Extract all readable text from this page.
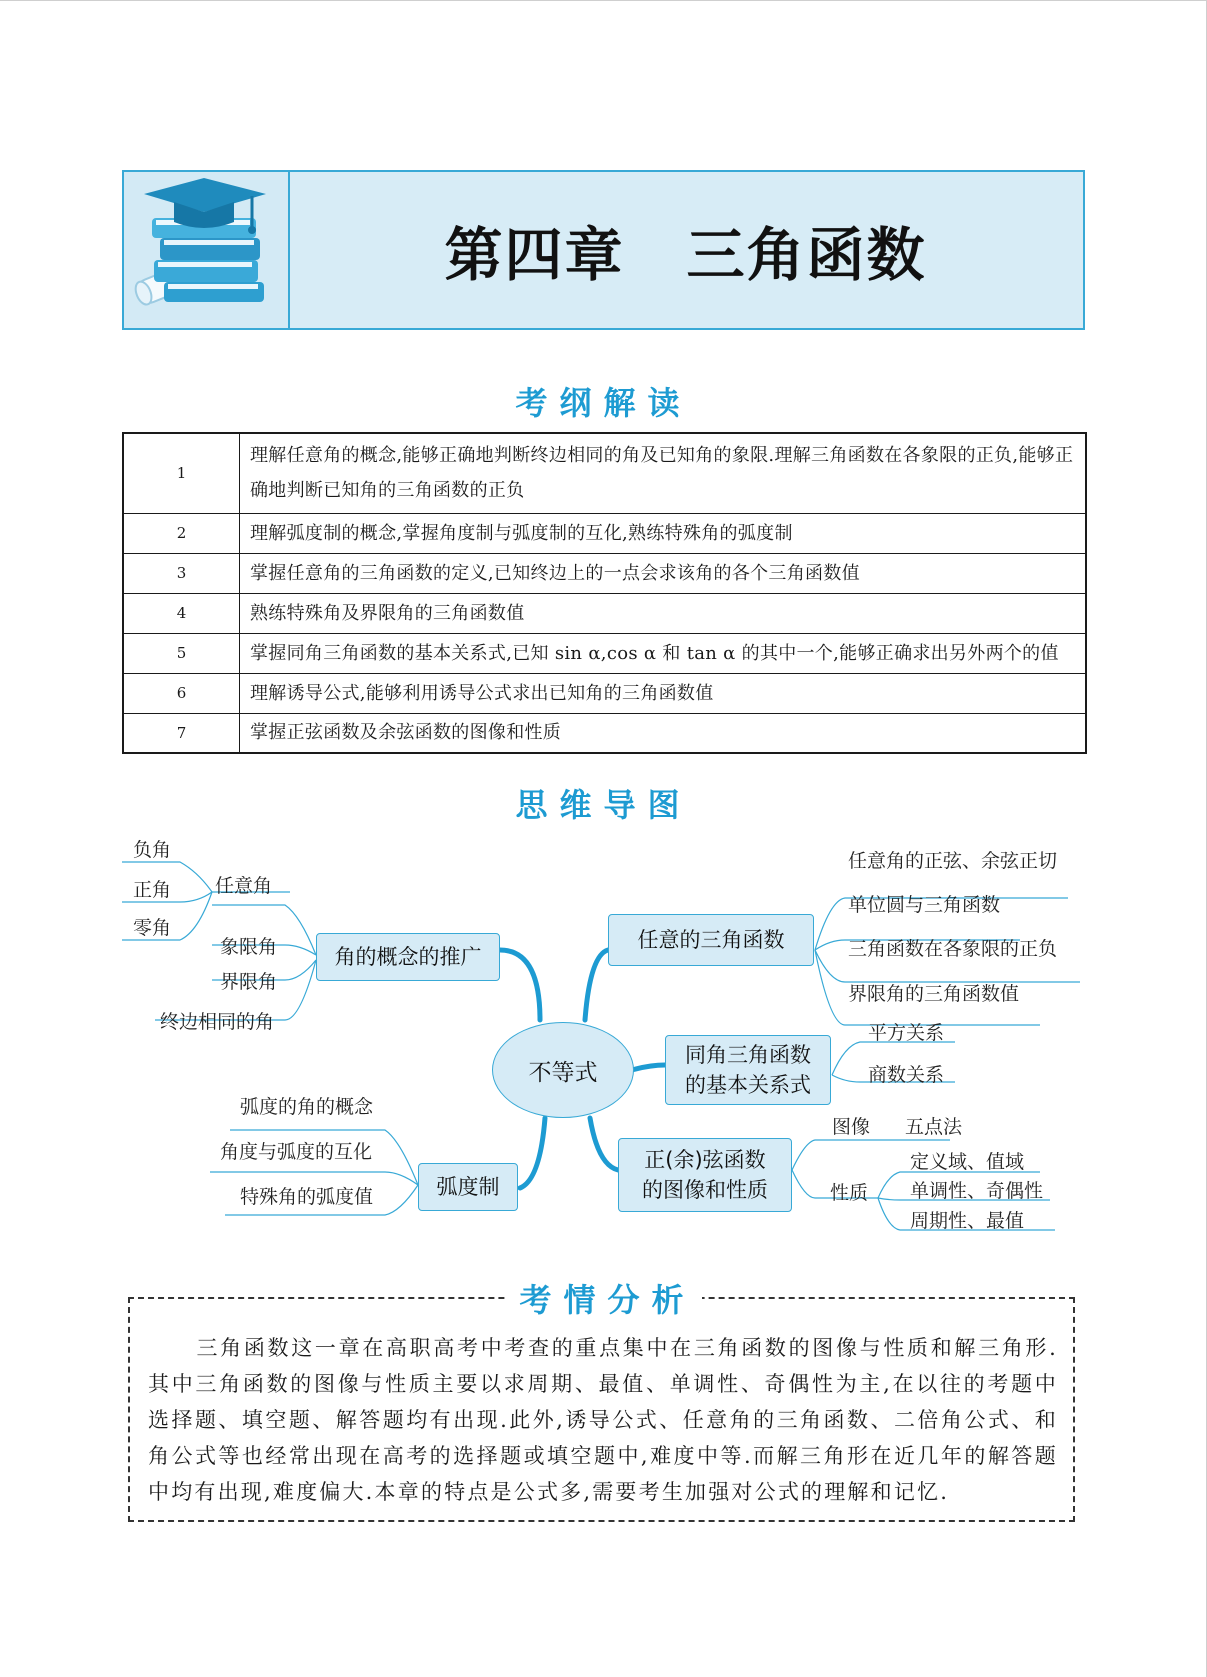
第四章 三角函数
考纲解读
1	理解任意角的概念,能够正确地判断终边相同的角及已知角的象限.理解三角函数在各象限的正负,能够正确地判断已知角的三角函数的正负
2	理解弧度制的概念,掌握角度制与弧度制的互化,熟练特殊角的弧度制
3	掌握任意角的三角函数的定义,已知终边上的一点会求该角的各个三角函数值
4	熟练特殊角及界限角的三角函数值
5	掌握同角三角函数的基本关系式,已知 sin α,cos α 和 tan α 的其中一个,能够正确求出另外两个的值
6	理解诱导公式,能够利用诱导公式求出已知角的三角函数值
7	掌握正弦函数及余弦函数的图像和性质
思维导图
不等式
角的概念的推广
任意角
负角
正角
零角
象限角
界限角
终边相同的角
弧度制
弧度的角的概念
角度与弧度的互化
特殊角的弧度值
任意的三角函数
任意角的正弦、余弦正切
单位圆与三角函数
三角函数在各象限的正负
界限角的三角函数值
同角三角函数
的基本关系式
平方关系
商数关系
正(余)弦函数
的图像和性质
图像 五点法
性质
定义域、值域
单调性、奇偶性
周期性、最值
考情分析
三角函数这一章在高职高考中考查的重点集中在三角函数的图像与性质和解三角形.其中三角函数的图像与性质主要以求周期、最值、单调性、奇偶性为主,在以往的考题中选择题、填空题、解答题均有出现.此外,诱导公式、任意角的三角函数、二倍角公式、和角公式等也经常出现在高考的选择题或填空题中,难度中等.而解三角形在近几年的解答题中均有出现,难度偏大.本章的特点是公式多,需要考生加强对公式的理解和记忆.
